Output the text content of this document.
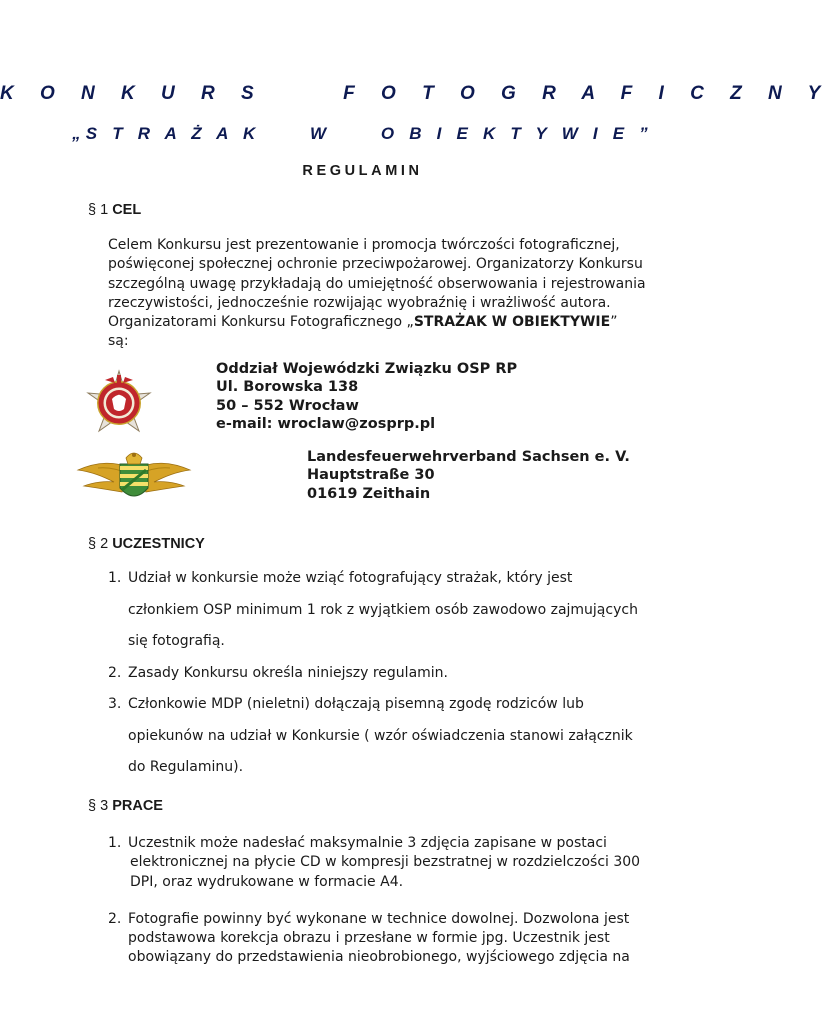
K O N K U R S     F O T O G R A F I C Z N Y
„S T R A Ż A K     W     O B I E K T Y W I E ”
REGULAMIN
§ 1 CEL
Celem Konkursu jest prezentowanie i promocja twórczości fotograficznej,
poświęconej społecznej ochronie przeciwpożarowej. Organizatorzy Konkursu
szczególną uwagę przykładają do umiejętność obserwowania i rejestrowania
rzeczywistości, jednocześnie rozwijając wyobraźnię i wrażliwość autora.
Organizatorami Konkursu Fotograficznego „STRAŻAK W OBIEKTYWIE”
są:
Oddział Wojewódzki Związku OSP RP
Ul. Borowska 138
50 – 552 Wrocław
e-mail: wroclaw@zosprp.pl
Landesfeuerwehrverband Sachsen e. V.
Hauptstraße 30
01619 Zeithain
§ 2 UCZESTNICY
1. Udział w konkursie może wziąć fotografujący strażak, który jest
członkiem OSP minimum 1 rok z wyjątkiem osób zawodowo zajmujących
się fotografią.
2. Zasady Konkursu określa niniejszy regulamin.
3. Członkowie MDP (nieletni) dołączają pisemną zgodę rodziców lub
opiekunów na udział w Konkursie ( wzór oświadczenia stanowi załącznik
do Regulaminu).
§ 3 PRACE
1. Uczestnik może nadesłać maksymalnie 3 zdjęcia zapisane w postaci
elektronicznej na płycie CD w kompresji bezstratnej w rozdzielczości 300
DPI, oraz wydrukowane w formacie A4.
2. Fotografie powinny być wykonane w technice dowolnej. Dozwolona jest
podstawowa korekcja obrazu i przesłane w formie jpg. Uczestnik jest
obowiązany do przedstawienia nieobrobionego, wyjściowego zdjęcia na
